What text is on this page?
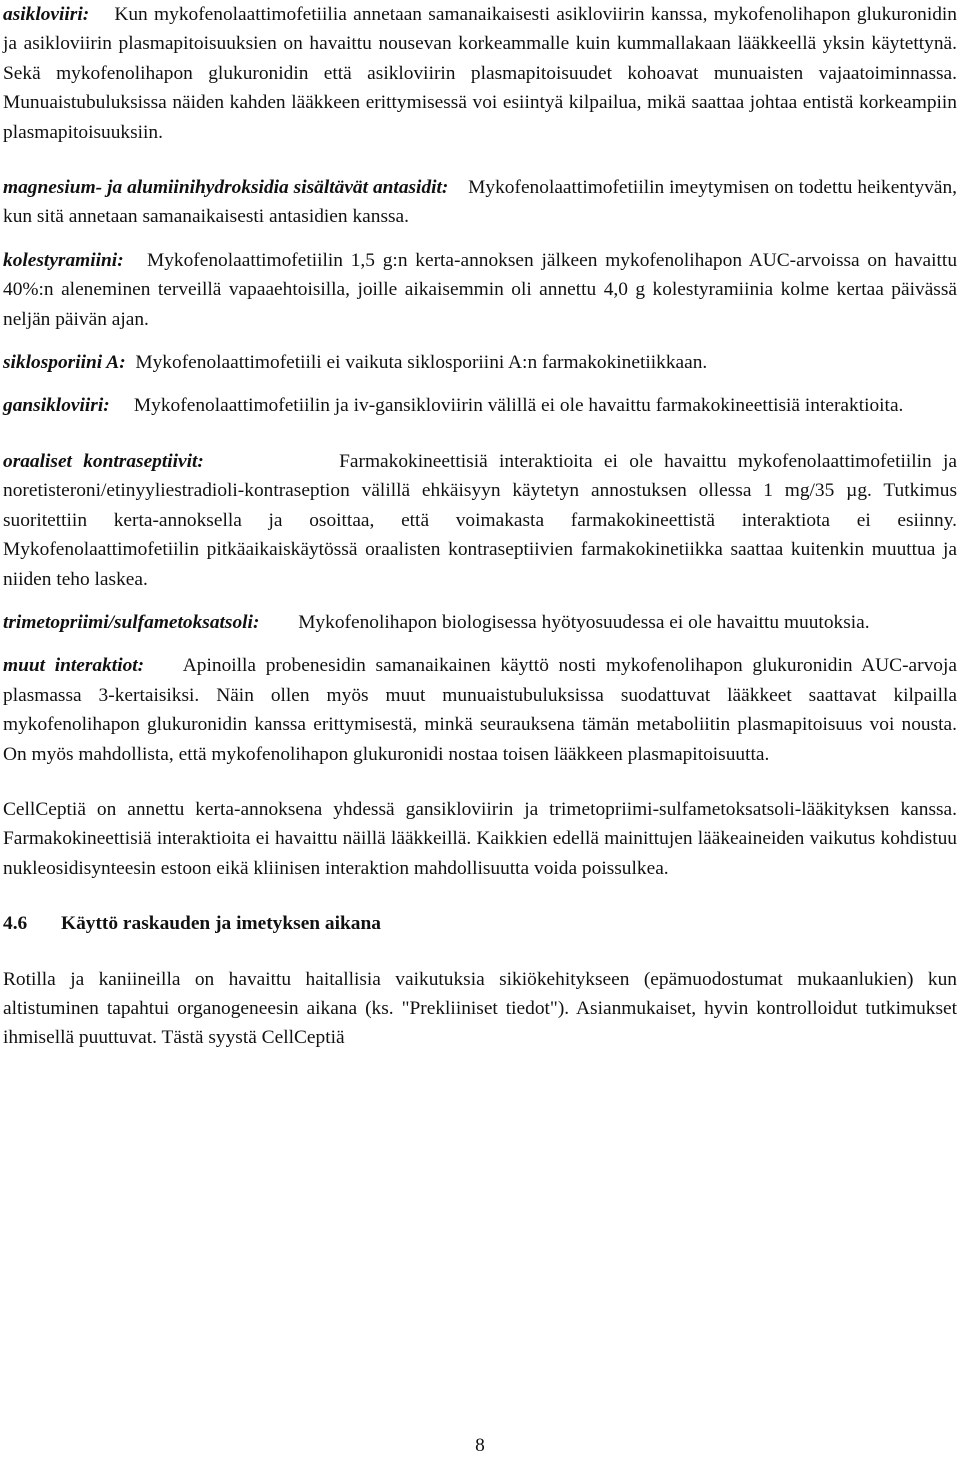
asikloviiri: Kun mykofenolaattimofetiilia annetaan samanaikaisesti asikloviirin kanssa, mykofenolihapon glukuronidin ja asikloviirin plasmapitoisuuksien on havaittu nousevan korkeammalle kuin kummallakaan lääkkeellä yksin käytettynä. Sekä mykofenolihapon glukuronidin että asikloviirin plasmapitoisuudet kohoavat munuaisten vajaatoiminnassa. Munuaistubuluksissa näiden kahden lääkkeen erittymisessä voi esiintyä kilpailua, mikä saattaa johtaa entistä korkeampiin plasmapitoisuuksiin.

magnesium- ja alumiinihydroksidia sisältävät antasidit: Mykofenolaattimofetiilin imeytymisen on todettu heikentyvän, kun sitä annetaan samanaikaisesti antasidien kanssa.

kolestyramiini: Mykofenolaattimofetiilin 1,5 g:n kerta-annoksen jälkeen mykofenolihapon AUC-arvoissa on havaittu 40%:n aleneminen terveillä vapaaehtoisilla, joille aikaisemmin oli annettu 4,0 g kolestyramiinia kolme kertaa päivässä neljän päivän ajan.

siklosporiini A: Mykofenolaattimofetiili ei vaikuta siklosporiini A:n farmakokinetiikkaan.

gansikloviiri: Mykofenolaattimofetiilin ja iv-gansikloviirin välillä ei ole havaittu farmakokineettisiä interaktioita.

oraaliset kontraseptiivit:	Farmakokineettisiä interaktioita ei ole havaittu mykofenolaattimofetiilin ja noretisteroni/etinyyliestradioli-kontraseption välillä ehkäisyyn käytetyn annostuksen ollessa 1 mg/35 µg. Tutkimus suoritettiin kerta-annoksella ja osoittaa, että voimakasta farmakokineettistä interaktiota ei esiinny. Mykofenolaattimofetiilin pitkäaikaiskäytössä oraalisten kontraseptiivien farmakokinetiikka saattaa kuitenkin muuttua ja niiden teho laskea.

trimetopriimi/sulfametoksatsoli: Mykofenolihapon biologisessa hyötyosuudessa ei ole havaittu muutoksia.

muut interaktiot: Apinoilla probenesidin samanaikainen käyttö nosti mykofenolihapon glukuronidin AUC-arvoja plasmassa 3-kertaisiksi. Näin ollen myös muut munuaistubuluksissa suodattuvat lääkkeet saattavat kilpailla mykofenolihapon glukuronidin kanssa erittymisestä, minkä seurauksena tämän metaboliitin plasmapitoisuus voi nousta. On myös mahdollista, että mykofenolihapon glukuronidi nostaa toisen lääkkeen plasmapitoisuutta.

CellCeptiä on annettu kerta-annoksena yhdessä gansikloviirin ja trimetopriimi-sulfametoksatsoli-lääkityksen kanssa. Farmakokineettisiä interaktioita ei havaittu näillä lääkkeillä. Kaikkien edellä mainittujen lääkeaineiden vaikutus kohdistuu nukleosidisynteesin estoon eikä kliinisen interaktion mahdollisuutta voida poissulkea.

4.6 Käyttö raskauden ja imetyksen aikana

Rotilla ja kaniineilla on havaittu haitallisia vaikutuksia sikiökehitykseen (epämuodostumat mukaanlukien) kun altistuminen tapahtui organogeneesin aikana (ks. "Prekliiniset tiedot"). Asianmukaiset, hyvin kontrolloidut tutkimukset ihmisellä puuttuvat. Tästä syystä CellCeptiä

8
